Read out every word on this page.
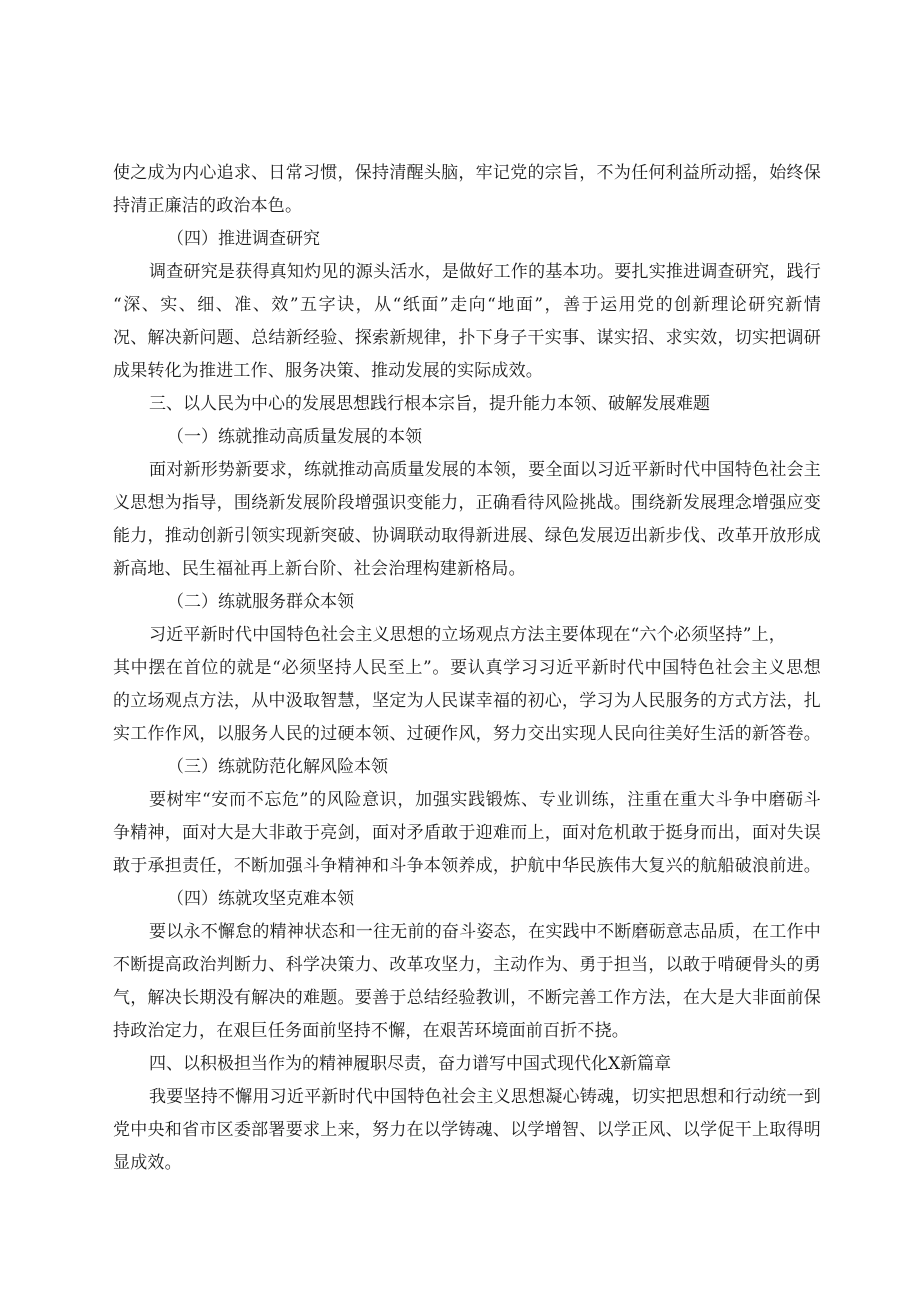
使之成为内心追求、日常习惯，保持清醒头脑，牢记党的宗旨，不为任何利益所动摇，始终保
持清正廉洁的政治本色。
（四）推进调查研究
调查研究是获得真知灼见的源头活水，是做好工作的基本功。要扎实推进调查研究，践行
“深、实、细、准、效”五字诀，从“纸面”走向“地面”，善于运用党的创新理论研究新情
况、解决新问题、总结新经验、探索新规律，扑下身子干实事、谋实招、求实效，切实把调研
成果转化为推进工作、服务决策、推动发展的实际成效。
三、以人民为中心的发展思想践行根本宗旨，提升能力本领、破解发展难题
（一）练就推动高质量发展的本领
面对新形势新要求，练就推动高质量发展的本领，要全面以习近平新时代中国特色社会主
义思想为指导，围绕新发展阶段增强识变能力，正确看待风险挑战。围绕新发展理念增强应变
能力，推动创新引领实现新突破、协调联动取得新进展、绿色发展迈出新步伐、改革开放形成
新高地、民生福祉再上新台阶、社会治理构建新格局。
（二）练就服务群众本领
习近平新时代中国特色社会主义思想的立场观点方法主要体现在“六个必须坚持”上，
其中摆在首位的就是“必须坚持人民至上”。要认真学习习近平新时代中国特色社会主义思想
的立场观点方法，从中汲取智慧，坚定为人民谋幸福的初心，学习为人民服务的方式方法，扎
实工作作风，以服务人民的过硬本领、过硬作风，努力交出实现人民向往美好生活的新答卷。
（三）练就防范化解风险本领
要树牢“安而不忘危”的风险意识，加强实践锻炼、专业训练，注重在重大斗争中磨砺斗
争精神，面对大是大非敢于亮剑，面对矛盾敢于迎难而上，面对危机敢于挺身而出，面对失误
敢于承担责任，不断加强斗争精神和斗争本领养成，护航中华民族伟大复兴的航船破浪前进。
（四）练就攻坚克难本领
要以永不懈怠的精神状态和一往无前的奋斗姿态，在实践中不断磨砺意志品质，在工作中
不断提高政治判断力、科学决策力、改革攻坚力，主动作为、勇于担当，以敢于啃硬骨头的勇
气，解决长期没有解决的难题。要善于总结经验教训，不断完善工作方法，在大是大非面前保
持政治定力，在艰巨任务面前坚持不懈，在艰苦环境面前百折不挠。
四、以积极担当作为的精神履职尽责，奋力谱写中国式现代化X新篇章
我要坚持不懈用习近平新时代中国特色社会主义思想凝心铸魂，切实把思想和行动统一到
党中央和省市区委部署要求上来，努力在以学铸魂、以学增智、以学正风、以学促干上取得明
显成效。
